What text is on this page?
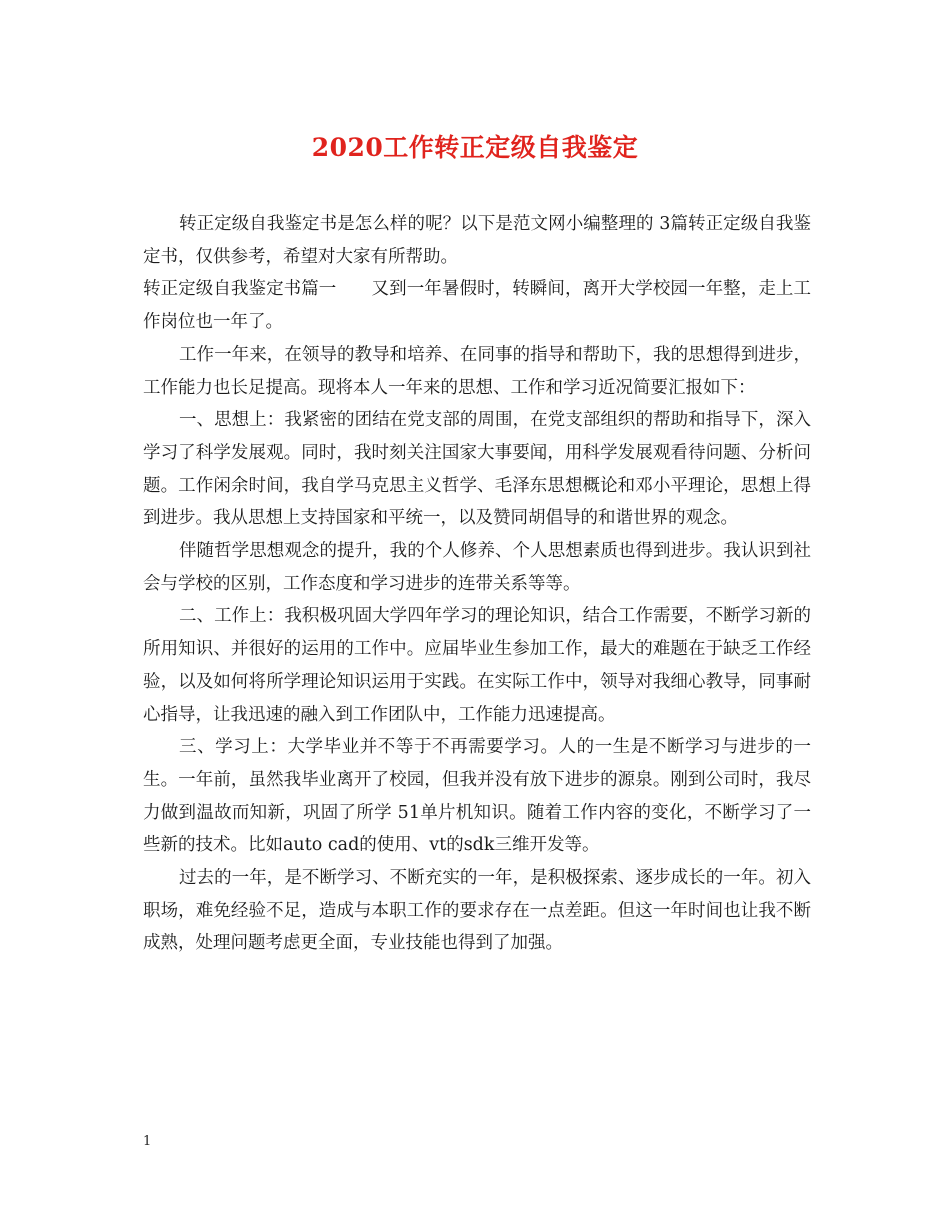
2020工作转正定级自我鉴定

转正定级自我鉴定书是怎么样的呢？以下是范文网小编整理的 3篇转正定级自我鉴定书，仅供参考，希望对大家有所帮助。

转正定级自我鉴定书篇一　　又到一年暑假时，转瞬间，离开大学校园一年整，走上工作岗位也一年了。

工作一年来，在领导的教导和培养、在同事的指导和帮助下，我的思想得到进步，工作能力也长足提高。现将本人一年来的思想、工作和学习近况简要汇报如下：

一、思想上：我紧密的团结在党支部的周围，在党支部组织的帮助和指导下，深入学习了科学发展观。同时，我时刻关注国家大事要闻，用科学发展观看待问题、分析问题。工作闲余时间，我自学马克思主义哲学、毛泽东思想概论和邓小平理论，思想上得到进步。我从思想上支持国家和平统一，以及赞同胡倡导的和谐世界的观念。

伴随哲学思想观念的提升，我的个人修养、个人思想素质也得到进步。我认识到社会与学校的区别，工作态度和学习进步的连带关系等等。

二、工作上：我积极巩固大学四年学习的理论知识，结合工作需要，不断学习新的所用知识、并很好的运用的工作中。应届毕业生参加工作，最大的难题在于缺乏工作经验，以及如何将所学理论知识运用于实践。在实际工作中，领导对我细心教导，同事耐心指导，让我迅速的融入到工作团队中，工作能力迅速提高。

三、学习上：大学毕业并不等于不再需要学习。人的一生是不断学习与进步的一生。一年前，虽然我毕业离开了校园，但我并没有放下进步的源泉。刚到公司时，我尽力做到温故而知新，巩固了所学 51单片机知识。随着工作内容的变化，不断学习了一些新的技术。比如auto cad的使用、vt的sdk三维开发等。

过去的一年，是不断学习、不断充实的一年，是积极探索、逐步成长的一年。初入职场，难免经验不足，造成与本职工作的要求存在一点差距。但这一年时间也让我不断成熟，处理问题考虑更全面，专业技能也得到了加强。

1
